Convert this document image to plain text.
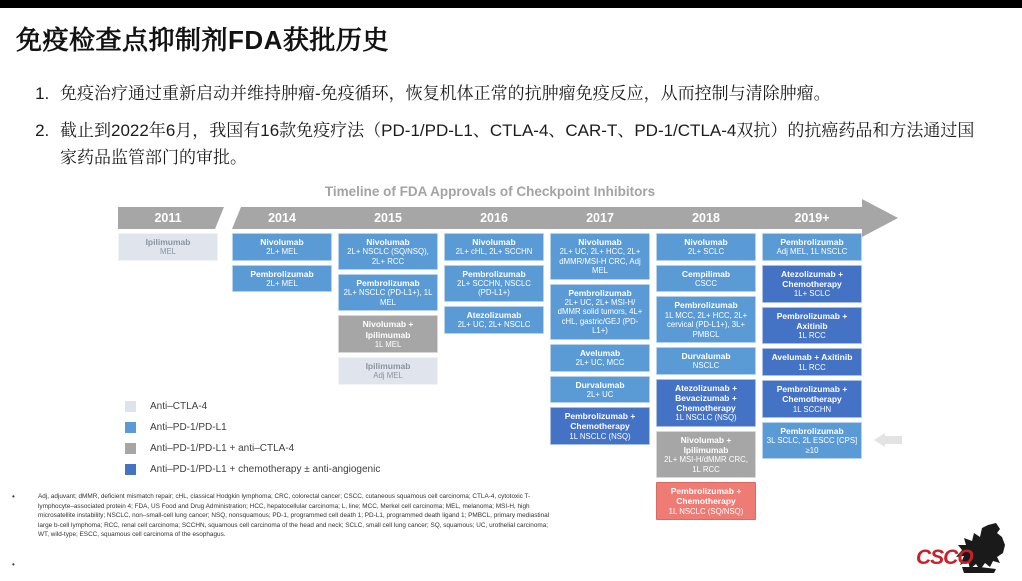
免疫检查点抑制剂FDA获批历史
1. 免疫治疗通过重新启动并维持肿瘤-免疫循环，恢复机体正常的抗肿瘤免疫反应，从而控制与清除肿瘤。
2. 截止到2022年6月，我国有16款免疫疗法（PD-1/PD-L1、CTLA-4、CAR-T、PD-1/CTLA-4双抗）的抗癌药品和方法通过国家药品监管部门的审批。
Timeline of FDA Approvals of Checkpoint Inhibitors
2011	2014	2015	2016	2017	2018	2019+
Ipilimumab
MEL
Nivolumab
2L+ MEL
Pembrolizumab
2L+ MEL
Nivolumab
2L+ NSCLC (SQ/NSQ), 2L+ RCC
Pembrolizumab
2L+ NSCLC (PD-L1+), 1L MEL
Nivolumab + Ipilimumab
1L MEL
Ipilimumab
Adj MEL
Nivolumab
2L+ cHL, 2L+ SCCHN
Pembrolizumab
2L+ SCCHN, NSCLC (PD-L1+)
Atezolizumab
2L+ UC, 2L+ NSCLC
Nivolumab
2L+ UC, 2L+ HCC, 2L+ dMMR/MSI-H CRC, Adj MEL
Pembrolizumab
2L+ UC, 2L+ MSI-H/ dMMR solid tumors, 4L+ cHL, gastric/GEJ (PD-L1+)
Avelumab
2L+ UC, MCC
Durvalumab
2L+ UC
Pembrolizumab + Chemotherapy
1L NSCLC (NSQ)
Nivolumab
2L+ SCLC
Cempilimab
CSCC
Pembrolizumab
1L MCC, 2L+ HCC, 2L+ cervical (PD-L1+), 3L+ PMBCL
Durvalumab
NSCLC
Atezolizumab + Bevacizumab + Chemotherapy
1L NSCLC (NSQ)
Nivolumab + Ipilimumab
2L+ MSI-H/dMMR CRC, 1L RCC
Pembrolizumab + Chemotherapy
1L NSCLC (SQ/NSQ)
Pembrolizumab
Adj MEL, 1L NSCLC
Atezolizumab + Chemotherapy
1L+ SCLC
Pembrolizumab + Axitinib
1L RCC
Avelumab + Axitinib
1L RCC
Pembrolizumab + Chemotherapy
1L SCCHN
Pembrolizumab
3L SCLC, 2L ESCC [CPS] ≥10
Anti–CTLA-4
Anti–PD-1/PD-L1
Anti–PD-1/PD-L1 + anti–CTLA-4
Anti–PD-1/PD-L1 + chemotherapy ± anti-angiogenic
•	Adj, adjuvant; dMMR, deficient mismatch repair; cHL, classical Hodgkin lymphoma; CRC, colorectal cancer; CSCC, cutaneous squamous cell carcinoma; CTLA-4, cytotoxic T-lymphocyte–associated protein 4; FDA, US Food and Drug Administration; HCC, hepatocellular carcinoma; L, line; MCC, Merkel cell carcinoma; MEL, melanoma; MSI-H, high microsatellite instability; NSCLC, non–small-cell lung cancer; NSQ, nonsquamous; PD-1, programmed cell death 1; PD-L1, programmed death ligand 1; PMBCL, primary mediastinal large b-cell lymphoma; RCC, renal cell carcinoma; SCCHN, squamous cell carcinoma of the head and neck; SCLC, small cell lung cancer; SQ, squamous; UC, urothelial carcinoma; WT, wild-type; ESCC, squamous cell carcinoma of the esophagus.
•	CSCO
